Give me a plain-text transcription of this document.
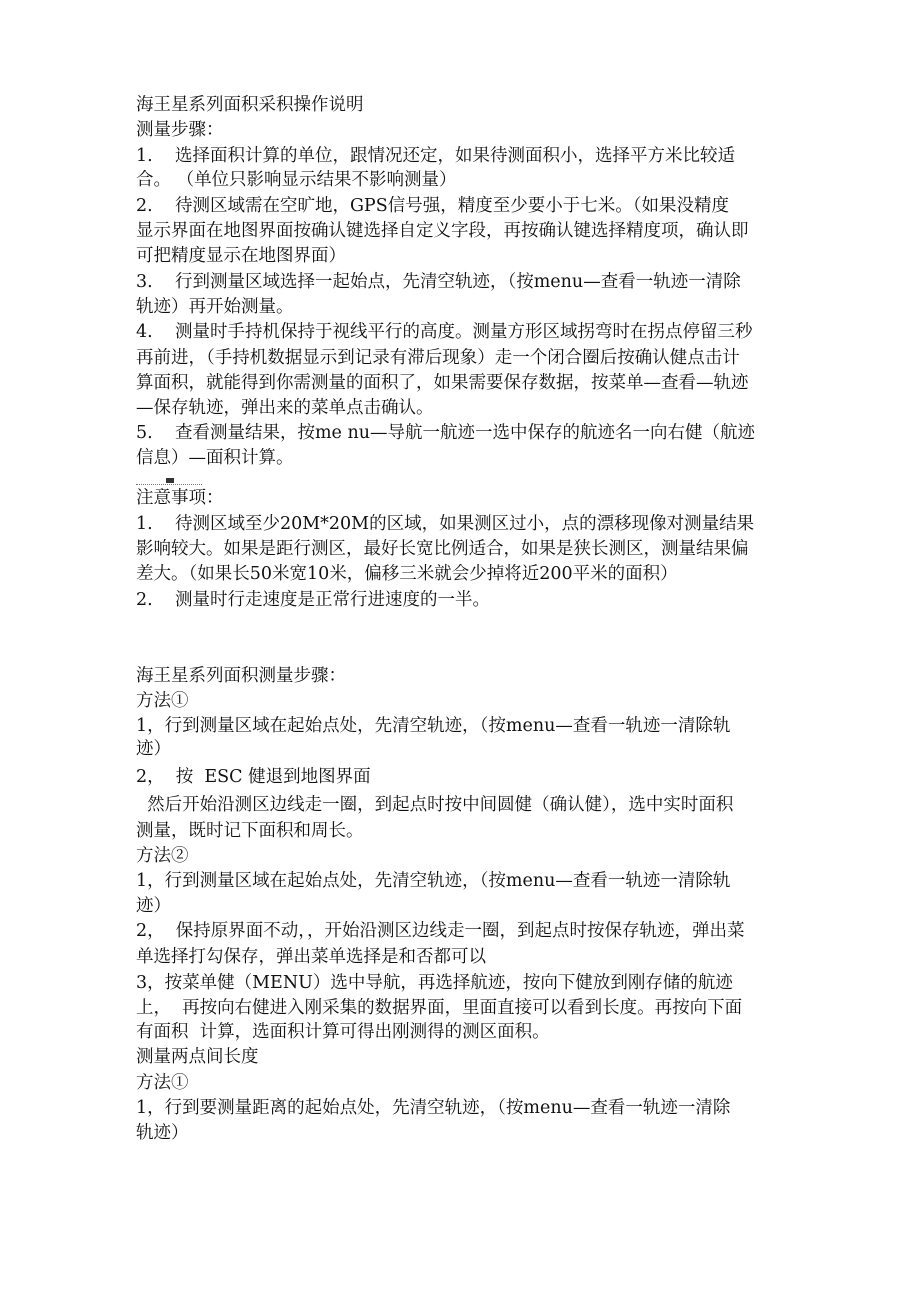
海王星系列面积采积操作说明
测量步骤：
1.    选择面积计算的单位，跟情况还定，如果待测面积小，选择平方米比较适
合。 （单位只影响显示结果不影响测量）
2.    待测区域需在空旷地，GPS信号强，精度至少要小于七米。（如果没精度
显示界面在地图界面按确认键选择自定义字段，再按确认键选择精度项，确认即
可把精度显示在地图界面）
3.    行到测量区域选择一起始点，先清空轨迹，（按menu—查看一轨迹一清除
轨迹）再开始测量。
4.    测量时手持机保持于视线平行的高度。测量方形区域拐弯时在拐点停留三秒
再前进，（手持机数据显示到记录有滞后现象）走一个闭合圈后按确认健点击计
算面积，就能得到你需测量的面积了，如果需要保存数据，按菜单—查看—轨迹
—保存轨迹，弹出来的菜单点击确认。
5.    查看测量结果，按me nu—导航一航迹一选中保存的航迹名一向右健（航迹
信息）—面积计算。
注意事项：
1.    待测区域至少20M*20M的区域，如果测区过小，点的漂移现像对测量结果
影响较大。如果是距行测区，最好长宽比例适合，如果是狭长测区，测量结果偏
差大。（如果长50米宽10米，偏移三米就会少掉将近200平米的面积）
2.    测量时行走速度是正常行进速度的一半。
海王星系列面积测量步骤：
方法①
1，行到测量区域在起始点处，先清空轨迹，（按menu—查看一轨迹一清除轨
迹）
2，  按  ESC 健退到地图界面
然后开始沿测区边线走一圈，到起点时按中间圆健（确认健），选中实时面积
测量，既时记下面积和周长。
方法②
1，行到测量区域在起始点处，先清空轨迹，（按menu—查看一轨迹一清除轨
迹）
2，  保持原界面不动，，开始沿测区边线走一圈，到起点时按保存轨迹，弹出菜
单选择打勾保存，弹出菜单选择是和否都可以
3，按菜单健（MENU）选中导航，再选择航迹，按向下健放到刚存储的航迹
上，  再按向右健进入刚采集的数据界面，里面直接可以看到长度。再按向下面
有面积  计算，选面积计算可得出刚测得的测区面积。
测量两点间长度
方法①
1，行到要测量距离的起始点处，先清空轨迹，（按menu—查看一轨迹一清除
轨迹）
